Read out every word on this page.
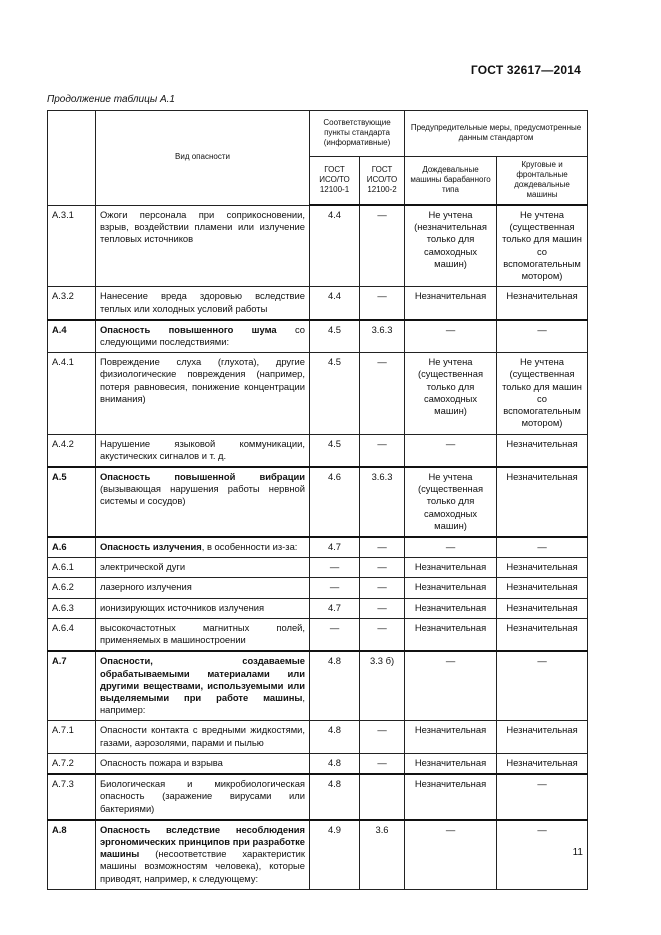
ГОСТ 32617—2014
Продолжение таблицы А.1
	Вид опасности	Соответствующие пункты стандарта (информативные)		Предупредительные меры, предусмотренные данным стандартом	
		ГОСТ ИСО/ТО 12100-1	ГОСТ ИСО/ТО 12100-2	Дождевальные машины барабанного типа	Круговые и фронтальные дождевальные машины
А.3.1	Ожоги персонала при соприкосновении, взрыв, воздействии пламени или излучение тепловых источников	4.4	—	Не учтена (незначительная только для самоходных машин)	Не учтена (существенная только для машин со вспомогательным мотором)
А.3.2	Нанесение вреда здоровью вследствие теплых или холодных условий работы	4.4	—	Незначительная	Незначительная
А.4	Опасность повышенного шума со следующими последствиями:	4.5	3.6.3	—	—
А.4.1	Повреждение слуха (глухота), другие физиологические повреждения (например, потеря равновесия, понижение концентрации внимания)	4.5	—	Не учтена (существенная только для самоходных машин)	Не учтена (существенная только для машин со вспомогательным мотором)
А.4.2	Нарушение языковой коммуникации, акустических сигналов и т. д.	4.5	—	—	Незначительная
А.5	Опасность повышенной вибрации (вызывающая нарушения работы нервной системы и сосудов)	4.6	3.6.3	Не учтена (существенная только для самоходных машин)	Незначительная
А.6	Опасность излучения, в особенности из-за:	4.7	—	—	—
А.6.1	электрической дуги	—	—	Незначительная	Незначительная
А.6.2	лазерного излучения	—	—	Незначительная	Незначительная
А.6.3	ионизирующих источников излучения	4.7	—	Незначительная	Незначительная
А.6.4	высокочастотных магнитных полей, применяемых в машиностроении	—	—	Незначительная	Незначительная
А.7	Опасности, создаваемые обрабатываемыми материалами или другими веществами, используемыми или выделяемыми при работе машины, например:	4.8	3.3 б)	—	—
А.7.1	Опасности контакта с вредными жидкостями, газами, аэрозолями, парами и пылью	4.8	—	Незначительная	Незначительная
А.7.2	Опасность пожара и взрыва	4.8	—	Незначительная	Незначительная
А.7.3	Биологическая и микробиологическая опасность (заражение вирусами или бактериями)	4.8		Незначительная	—
А.8	Опасность вследствие несоблюдения эргономических принципов при разработке машины (несоответствие характеристик машины возможностям человека), которые приводят, например, к следующему:	4.9	3.6	—	—
11
